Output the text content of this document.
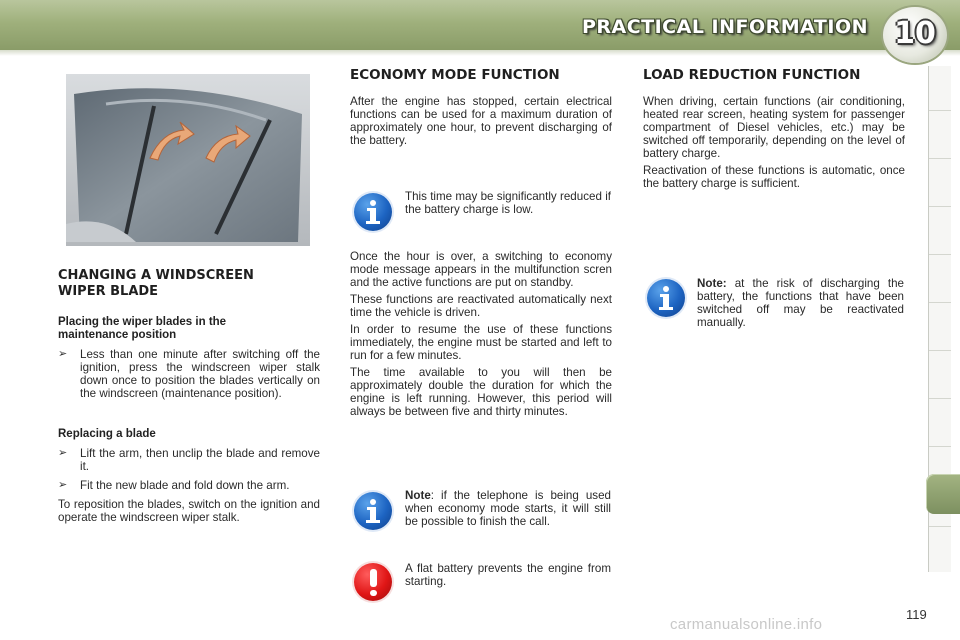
PRACTICAL INFORMATION 10
CHANGING A WINDSCREEN
WIPER BLADE
Placing the wiper blades in the
maintenance position
➢	Less than one minute after switching off the ignition, press the windscreen wiper stalk down once to position the blades vertically on the windscreen (maintenance position).
Replacing a blade
➢	Lift the arm, then unclip the blade and remove it.
➢	Fit the new blade and fold down the arm.

To reposition the blades, switch on the ignition and operate the windscreen wiper stalk.

ECONOMY MODE FUNCTION

After the engine has stopped, certain electrical functions can be used for a maximum duration of approximately one hour, to prevent discharging of the battery.

This time may be significantly reduced if the battery charge is low.

Once the hour is over, a switching to economy mode message appears in the multifunction scren and the active functions are put on standby.

These functions are reactivated automatically next time the vehicle is driven.

In order to resume the use of these functions immediately, the engine must be started and left to run for a few minutes.

The time available to you will then be approximately double the duration for which the engine is left running. However, this period will always be between five and thirty minutes.

Note: if the telephone is being used when economy mode starts, it will still be possible to finish the call.

A flat battery prevents the engine from starting.

LOAD REDUCTION FUNCTION

When driving, certain functions (air conditioning, heated rear screen, heating system for passenger compartment of Diesel vehicles, etc.) may be switched off temporarily, depending on the level of battery charge.

Reactivation of these functions is automatic, once the battery charge is sufficient.

Note: at the risk of discharging the battery, the functions that have been switched off may be reactivated manually.

119
carmanualsonline.info
